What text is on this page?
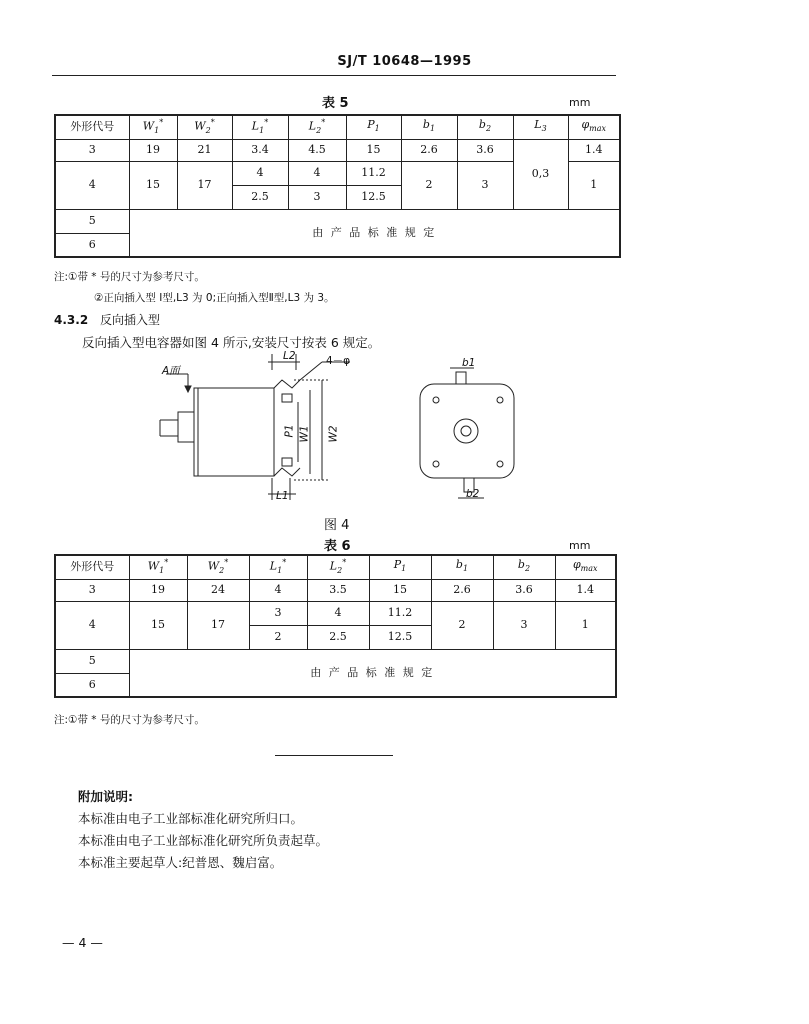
SJ/T 10648—1995
表 5	mm
外形代号	$W_1^*$	$W_2^*$	$L_1^*$	$L_2^*$	$P_1$	$b_1$	$b_2$	$L_3$	$\varphi_{max}$
3	19	21	3.4	4.5	15	2.6	3.6	0,3	1.4
4	15	17	4	4	11.2	2	3		1
			2.5	3	12.5				
5	由 产 品 标 准 规 定								
6									
注:①带 * 号的尺寸为参考尺寸。
②正向插入型 Ⅰ型,L3 为 0;正向插入型Ⅱ型,L3 为 3。
4.3.2 反向插入型
反向插入型电容器如图 4 所示,安装尺寸按表 6 规定。
A面
L2	4－φ
L1
P1 W1 W2
b1
b2
图 4
表 6	mm
外形代号	$W_1^*$	$W_2^*$	$L_1^*$	$L_2^*$	$P_1$	$b_1$	$b_2$	$\varphi_{max}$
3	19	24	4	3.5	15	2.6	3.6	1.4
4	15	17	3	4	11.2	2	3	1
			2	2.5	12.5			
5	由 产 品 标 准 规 定							
6								
注:①带 * 号的尺寸为参考尺寸。
附加说明:
本标准由电子工业部标准化研究所归口。
本标准由电子工业部标准化研究所负责起草。
本标准主要起草人:纪普恩、魏启富。
— 4 —
